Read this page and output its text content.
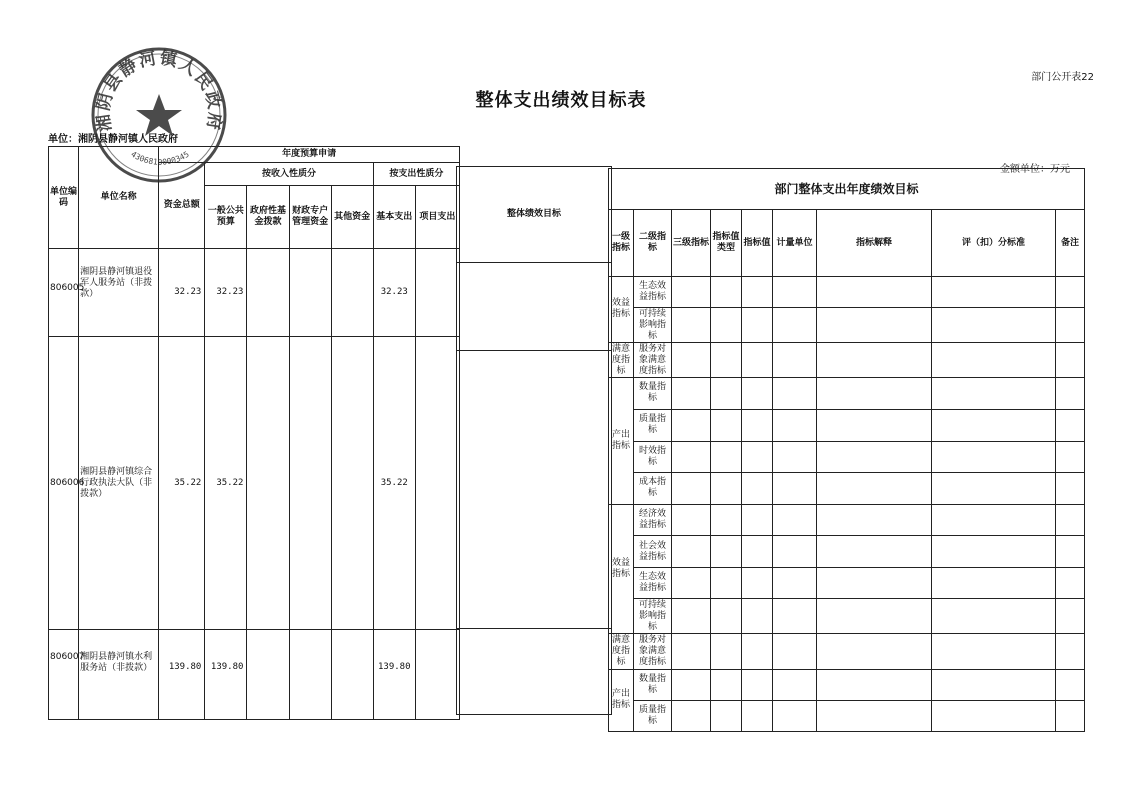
部门公开表22
整体支出绩效目标表
单位：湘阴县静河镇人民政府
金额单位：万元
单位编码	单位名称	年度预算申请						
		资金总额	按收入性质分				按支出性质分	
			一般公共预算	政府性基金拨款	财政专户管理资金	其他资金	基本支出	项目支出
806005	湘阴县静河镇退役军人服务站（非拨款）	32.23	32.23				32.23	
806006	湘阴县静河镇综合行政执法大队（非拨款）	35.22	35.22				35.22	
806007	湘阴县静河镇水利服务站（非拨款）	139.80	139.80				139.80	
整体绩效目标

部门整体支出年度绩效目标								
一级指标	二级指标	三级指标	指标值类型	指标值	计量单位	指标解释	评（扣）分标准	备注
效益指标	生态效益指标							
	可持续影响指标							
满意度指标	服务对象满意度指标							
产出指标	数量指标							
	质量指标							
	时效指标							
	成本指标							
效益指标	经济效益指标							
	社会效益指标							
	生态效益指标							
	可持续影响指标							
满意度指标	服务对象满意度指标							
产出指标	数量指标							
	质量指标							
湘阴县静河镇人民政府
4306810000345
